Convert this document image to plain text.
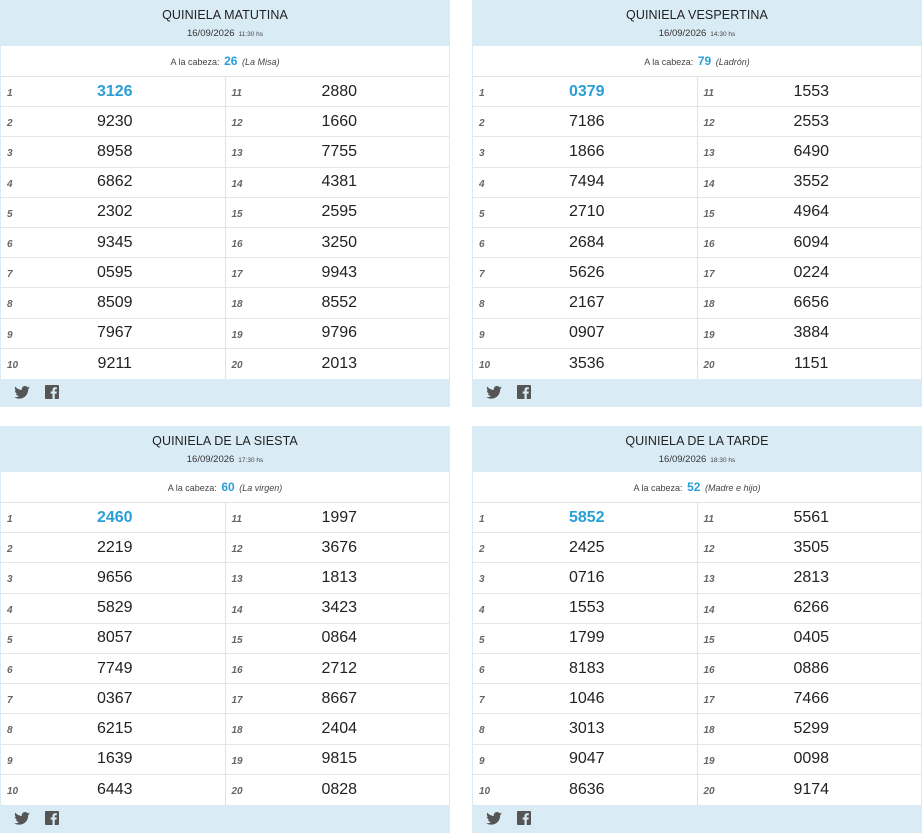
QUINIELA MATUTINA
16/09/2026 11:30 hs
A la cabeza: 26 (La Misa)
1	3126
2	9230
3	8958
4	6862
5	2302
6	9345
7	0595
8	8509
9	7967
10	9211
11	2880
12	1660
13	7755
14	4381
15	2595
16	3250
17	9943
18	8552
19	9796
20	2013
QUINIELA VESPERTINA
16/09/2026 14:30 hs
A la cabeza: 79 (Ladrón)
1	0379
2	7186
3	1866
4	7494
5	2710
6	2684
7	5626
8	2167
9	0907
10	3536
11	1553
12	2553
13	6490
14	3552
15	4964
16	6094
17	0224
18	6656
19	3884
20	1151
QUINIELA DE LA SIESTA
16/09/2026 17:30 hs
A la cabeza: 60 (La virgen)
1	2460
2	2219
3	9656
4	5829
5	8057
6	7749
7	0367
8	6215
9	1639
10	6443
11	1997
12	3676
13	1813
14	3423
15	0864
16	2712
17	8667
18	2404
19	9815
20	0828
QUINIELA DE LA TARDE
16/09/2026 18:30 hs
A la cabeza: 52 (Madre e hijo)
1	5852
2	2425
3	0716
4	1553
5	1799
6	8183
7	1046
8	3013
9	9047
10	8636
11	5561
12	3505
13	2813
14	6266
15	0405
16	0886
17	7466
18	5299
19	0098
20	9174
